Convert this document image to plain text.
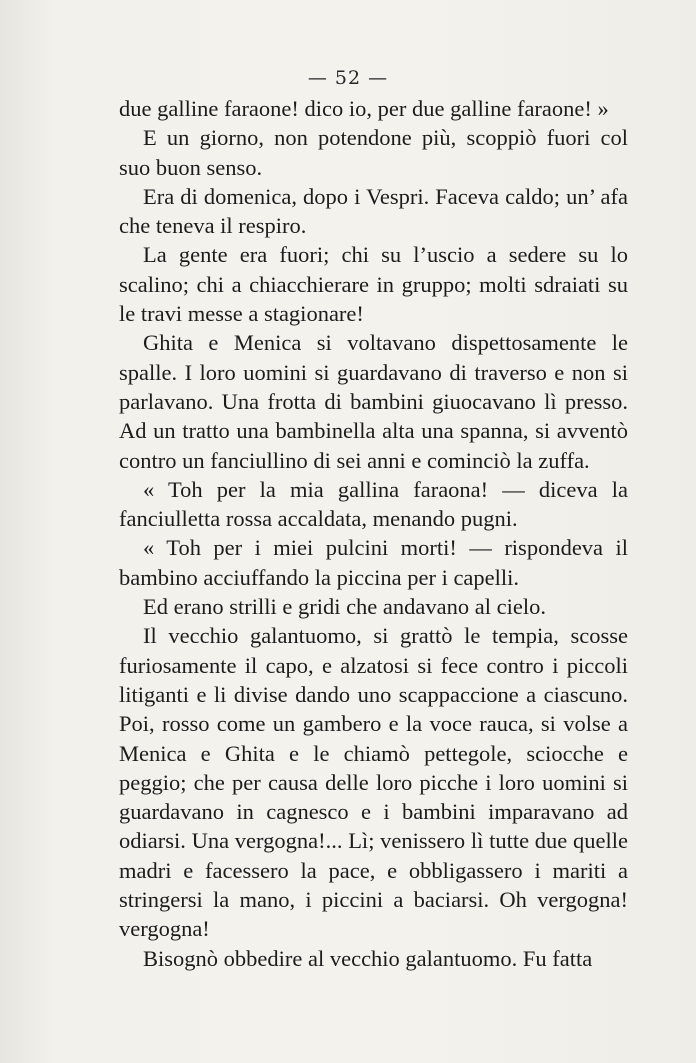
— 52 —

due galline faraone! dico io, per due galline faraone! »

E un giorno, non potendone più, scoppiò fuori col suo buon senso.

Era di domenica, dopo i Vespri. Faceva caldo; un’ afa che teneva il respiro.

La gente era fuori; chi su l’uscio a sedere su lo scalino; chi a chiacchierare in gruppo; molti sdraiati su le travi messe a stagionare!

Ghita e Menica si voltavano dispettosamente le spalle. I loro uomini si guardavano di traverso e non si parlavano. Una frotta di bambini giuocavano lì presso. Ad un tratto una bambinella alta una spanna, si avventò contro un fanciullino di sei anni e cominciò la zuffa.

« Toh per la mia gallina faraona! — diceva la fanciulletta rossa accaldata, menando pugni.

« Toh per i miei pulcini morti! — rispondeva il bambino acciuffando la piccina per i capelli.

Ed erano strilli e gridi che andavano al cielo.

Il vecchio galantuomo, si grattò le tempia, scosse furiosamente il capo, e alzatosi si fece contro i piccoli litiganti e li divise dando uno scappaccione a ciascuno. Poi, rosso come un gambero e la voce rauca, si volse a Menica e Ghita e le chiamò pettegole, sciocche e peggio; che per causa delle loro picche i loro uomini si guardavano in cagnesco e i bambini imparavano ad odiarsi. Una vergogna!... Lì; venissero lì tutte due quelle madri e facessero la pace, e obbligassero i mariti a stringersi la mano, i piccini a baciarsi. Oh vergogna! vergogna!

Bisognò obbedire al vecchio galantuomo. Fu fatta
